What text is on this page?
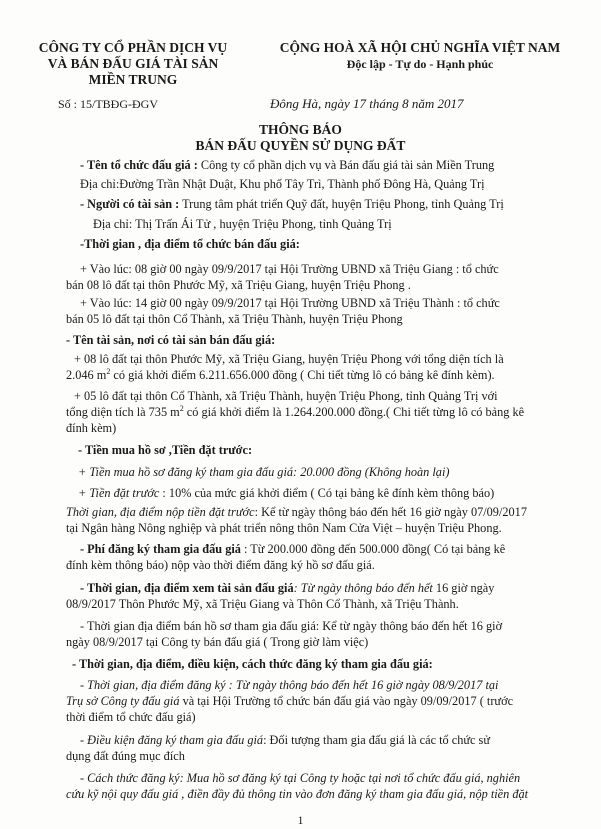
CÔNG TY CỔ PHẦN DỊCH VỤ
VÀ BÁN ĐẤU GIÁ TÀI SẢN
MIỀN TRUNG
CỘNG HOÀ XÃ HỘI CHỦ NGHĨA VIỆT NAM
Độc lập - Tự do - Hạnh phúc
Số : 15/TBĐG-ĐGV	Đông Hà, ngày 17 tháng 8 năm 2017
THÔNG BÁO
BÁN ĐẤU QUYỀN SỬ DỤNG ĐẤT
- Tên tổ chức đấu giá : Công ty cổ phần dịch vụ và Bán đấu giá tài sản Miền Trung
Địa chỉ:Đường Trần Nhật Duật, Khu phố Tây Trì, Thành phố Đông Hà, Quảng Trị
- Người có tài sản : Trung tâm phát triển Quỹ đất, huyện Triệu Phong, tỉnh Quảng Trị
Địa chỉ: Thị Trấn Ái Tử , huyện Triệu Phong, tỉnh Quảng Trị
-Thời gian , địa điểm tổ chức bán đấu giá:
+ Vào lúc: 08 giờ 00 ngày 09/9/2017 tại Hội Trường UBND xã Triệu Giang : tổ chức
bán 08 lô đất tại thôn Phước Mỹ, xã Triệu Giang, huyện Triệu Phong .
+ Vào lúc: 14 giờ 00 ngày 09/9/2017 tại Hội Trường UBND xã Triệu Thành : tổ chức
bán 05 lô đất tại thôn Cổ Thành, xã Triệu Thành, huyện Triệu Phong
- Tên tài sản, nơi có tài sản bán đấu giá:
+ 08 lô đất tại thôn Phước Mỹ, xã Triệu Giang, huyện Triệu Phong với tổng diện tích là
2.046 $m^2$ có giá khởi điểm 6.211.656.000 đồng ( Chi tiết từng lô có bảng kê đính kèm).
+ 05 lô đất tại thôn Cổ Thành, xã Triệu Thành, huyện Triệu Phong, tỉnh Quảng Trị với
tổng diện tích là 735 $m^2$ có giá khởi điểm là 1.264.200.000 đồng.( Chi tiết từng lô có bảng kê
đính kèm)
- Tiền mua hồ sơ ,Tiền đặt trước:
+ Tiền mua hồ sơ đăng ký tham gia đấu giá: 20.000 đồng (Không hoàn lại)
+ Tiền đặt trước : 10% của mức giá khởi điểm ( Có tại bảng kê đính kèm thông báo)
Thời gian, địa điểm nộp tiền đặt trước: Kể từ ngày thông báo đến hết 16 giờ ngày 07/09/2017
tại Ngân hàng Nông nghiệp và phát triển nông thôn Nam Cửa Việt – huyện Triệu Phong.
- Phí đăng ký tham gia đấu giá : Từ 200.000 đồng đến 500.000 đồng( Có tại bảng kê
đính kèm thông báo) nộp vào thời điểm đăng ký hồ sơ đấu giá.
- Thời gian, địa điểm xem tài sản đấu giá: Từ ngày thông báo đến hết 16 giờ ngày
08/9/2017 Thôn Phước Mỹ, xã Triệu Giang và Thôn Cổ Thành, xã Triệu Thành.
- Thời gian địa điểm bán hồ sơ tham gia đấu giá: Kể từ ngày thông báo đến hết 16 giờ
ngày 08/9/2017 tại Công ty bán đấu giá ( Trong giờ làm việc)
- Thời gian, địa điểm, điều kiện, cách thức đăng ký tham gia đấu giá:
- Thời gian, địa điểm đăng ký : Từ ngày thông báo đến hết 16 giờ ngày 08/9/2017 tại
Trụ sở Công ty đấu giá và tại Hội Trường tổ chức bán đấu giá vào ngày 09/09/2017 ( trước
thời điểm tổ chức đấu giá)
- Điều kiện đăng ký tham gia đấu giá: Đối tượng tham gia đấu giá là các tổ chức sử
dụng đất đúng mục đích
- Cách thức đăng ký: Mua hồ sơ đăng ký tại Công ty hoặc tại nơi tổ chức đấu giá, nghiên
cứu kỹ nội quy đấu giá , điền đầy đủ thông tin vào đơn đăng ký tham gia đấu giá, nộp tiền đặt
1
